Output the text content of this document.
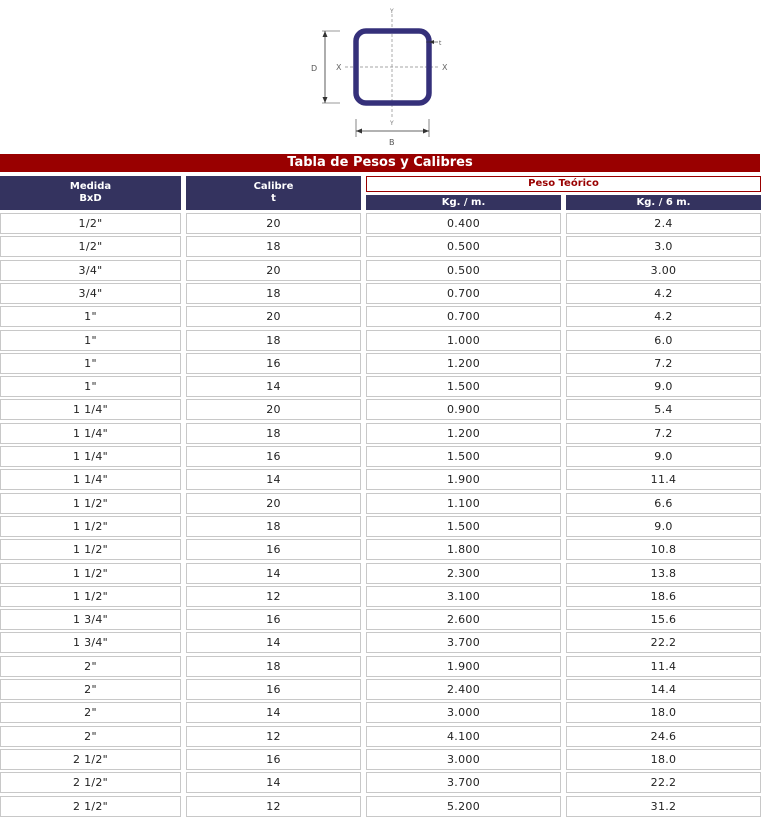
Y
Y
X	X
D
B
t
Tabla de Pesos y Calibres
Medida
BxD
Calibre
t
Peso Teórico
Kg. / m.	Kg. / 6 m.
1/2"	20	0.400	2.4
1/2"	18	0.500	3.0
3/4"	20	0.500	3.00
3/4"	18	0.700	4.2
1"	20	0.700	4.2
1"	18	1.000	6.0
1"	16	1.200	7.2
1"	14	1.500	9.0
1 1/4"	20	0.900	5.4
1 1/4"	18	1.200	7.2
1 1/4"	16	1.500	9.0
1 1/4"	14	1.900	11.4
1 1/2"	20	1.100	6.6
1 1/2"	18	1.500	9.0
1 1/2"	16	1.800	10.8
1 1/2"	14	2.300	13.8
1 1/2"	12	3.100	18.6
1 3/4"	16	2.600	15.6
1 3/4"	14	3.700	22.2
2"	18	1.900	11.4
2"	16	2.400	14.4
2"	14	3.000	18.0
2"	12	4.100	24.6
2 1/2"	16	3.000	18.0
2 1/2"	14	3.700	22.2
2 1/2"	12	5.200	31.2
